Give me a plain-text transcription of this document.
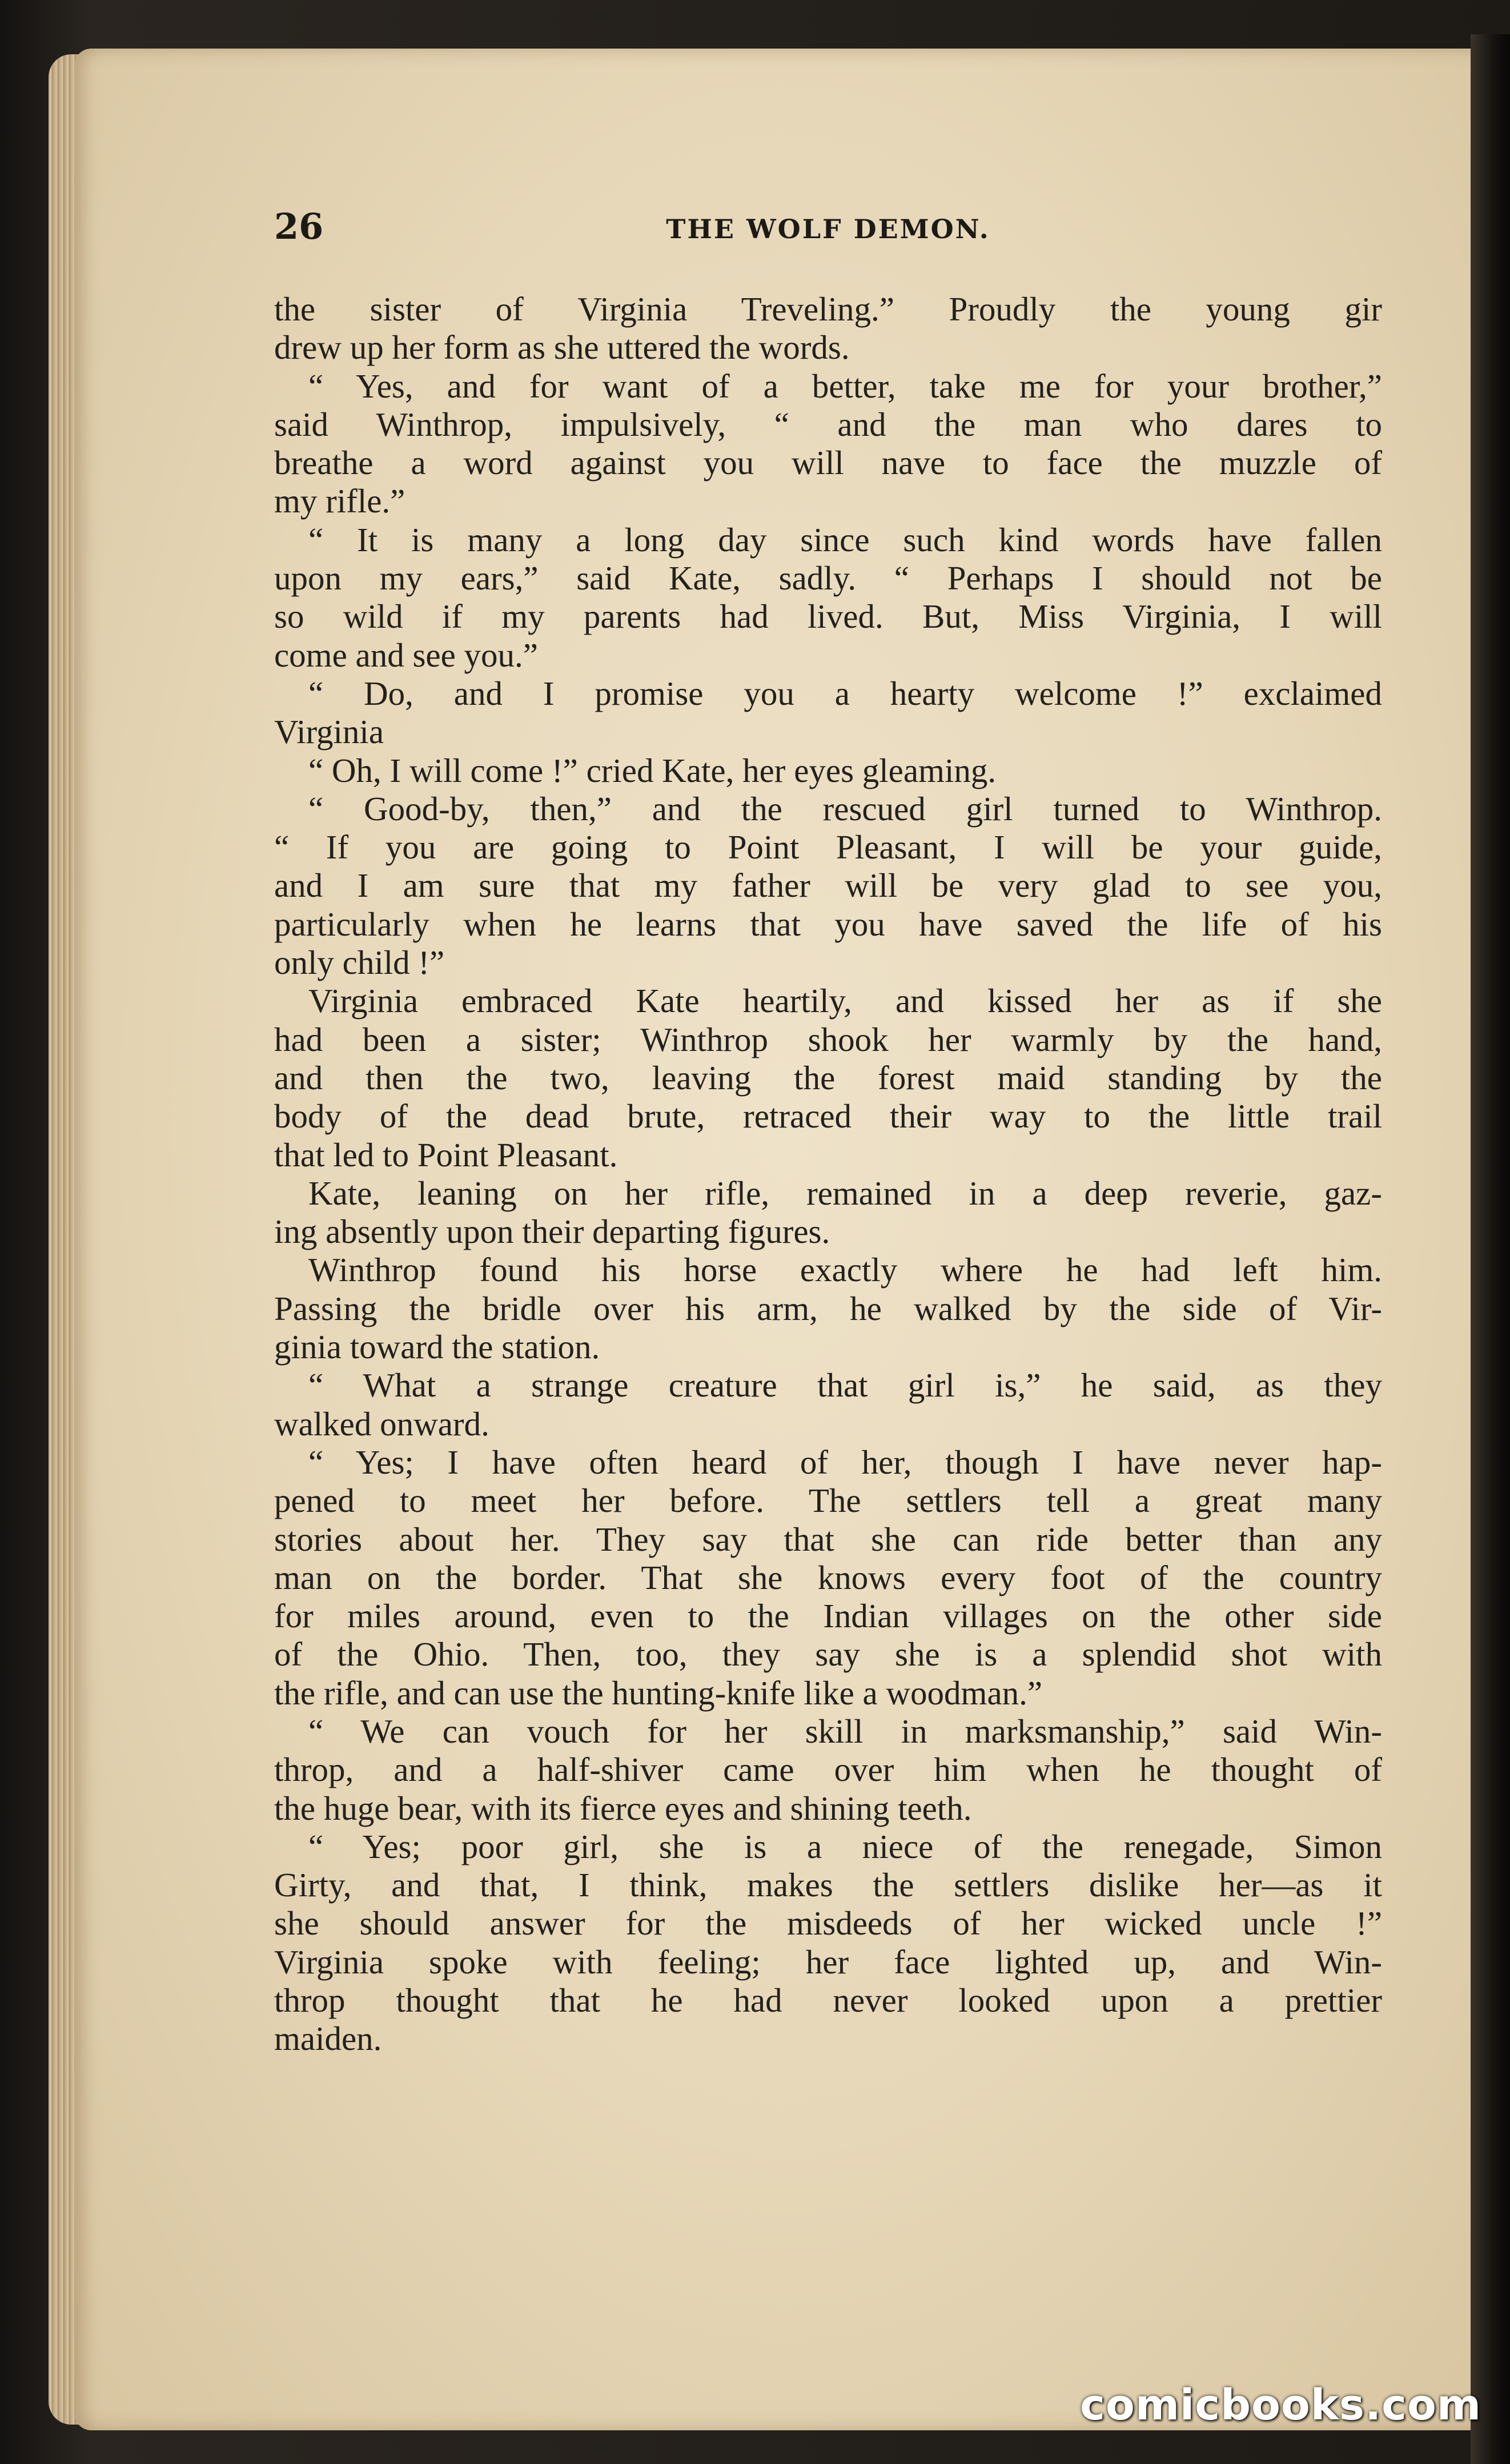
26	THE WOLF DEMON.
the sister of Virginia Treveling.” Proudly the young gir
drew up her form as she uttered the words.
“ Yes, and for want of a better, take me for your brother,”
said Winthrop, impulsively, “ and the man who dares to
breathe a word against you will nave to face the muzzle of
my rifle.”
“ It is many a long day since such kind words have fallen
upon my ears,” said Kate, sadly. “ Perhaps I should not be
so wild if my parents had lived. But, Miss Virginia, I will
come and see you.”
“ Do, and I promise you a hearty welcome !” exclaimed
Virginia
“ Oh, I will come !” cried Kate, her eyes gleaming.
“ Good-by, then,” and the rescued girl turned to Winthrop.
“ If you are going to Point Pleasant, I will be your guide,
and I am sure that my father will be very glad to see you,
particularly when he learns that you have saved the life of his
only child !”
Virginia embraced Kate heartily, and kissed her as if she
had been a sister; Winthrop shook her warmly by the hand,
and then the two, leaving the forest maid standing by the
body of the dead brute, retraced their way to the little trail
that led to Point Pleasant.
Kate, leaning on her rifle, remained in a deep reverie, gaz-
ing absently upon their departing figures.
Winthrop found his horse exactly where he had left him.
Passing the bridle over his arm, he walked by the side of Vir-
ginia toward the station.
“ What a strange creature that girl is,” he said, as they
walked onward.
“ Yes; I have often heard of her, though I have never hap-
pened to meet her before. The settlers tell a great many
stories about her. They say that she can ride better than any
man on the border. That she knows every foot of the country
for miles around, even to the Indian villages on the other side
of the Ohio. Then, too, they say she is a splendid shot with
the rifle, and can use the hunting-knife like a woodman.”
“ We can vouch for her skill in marksmanship,” said Win-
throp, and a half-shiver came over him when he thought of
the huge bear, with its fierce eyes and shining teeth.
“ Yes; poor girl, she is a niece of the renegade, Simon
Girty, and that, I think, makes the settlers dislike her—as it
she should answer for the misdeeds of her wicked uncle !”
Virginia spoke with feeling; her face lighted up, and Win-
throp thought that he had never looked upon a prettier
maiden.
comicbooks.com
